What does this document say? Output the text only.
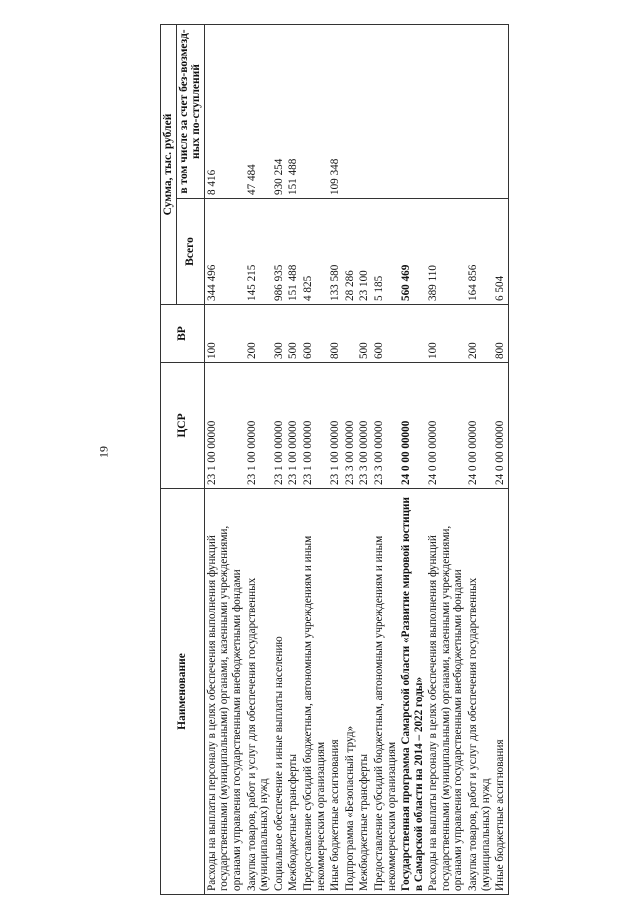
19
Наименование	ЦСР	ВР	Сумма, тыс. рублей	
			Всего	в том числе за счет без-возмезд-ных по-ступлений
Расходы на выплаты персоналу в целях обеспечения выполнения функций государственными (муниципальными) органами, казенными учреждениями, органами управления государственными внебюджетными фондами	23 1 00 00000	100	344 496	8 416
Закупка товаров, работ и услуг для обеспечения государственных (муниципальных) нужд	23 1 00 00000	200	145 215	47 484
Социальное обеспечение и иные выплаты населению	23 1 00 00000	300	986 935	930 254
Межбюджетные трансферты	23 1 00 00000	500	151 488	151 488
Предоставление субсидий бюджетным, автономным учреждениям и иным некоммерческим организациям	23 1 00 00000	600	4 825	
Иные бюджетные ассигнования	23 1 00 00000	800	133 580	109 348
Подпрограмма «Безопасный труд»	23 3 00 00000		28 286	
Межбюджетные трансферты	23 3 00 00000	500	23 100	
Предоставление субсидий бюджетным, автономным учреждениям и иным некоммерческим организациям	23 3 00 00000	600	5 185	
Государственная программа Самарской области «Развитие мировой юстиции в Самарской области на 2014 – 2022 годы»	24 0 00 00000		560 469	
Расходы на выплаты персоналу в целях обеспечения выполнения функций государственными (муниципальными) органами, казенными учреждениями, органами управления государственными внебюджетными фондами	24 0 00 00000	100	389 110	
Закупка товаров, работ и услуг для обеспечения государственных (муниципальных) нужд	24 0 00 00000	200	164 856	
Иные бюджетные ассигнования	24 0 00 00000	800	6 504	
